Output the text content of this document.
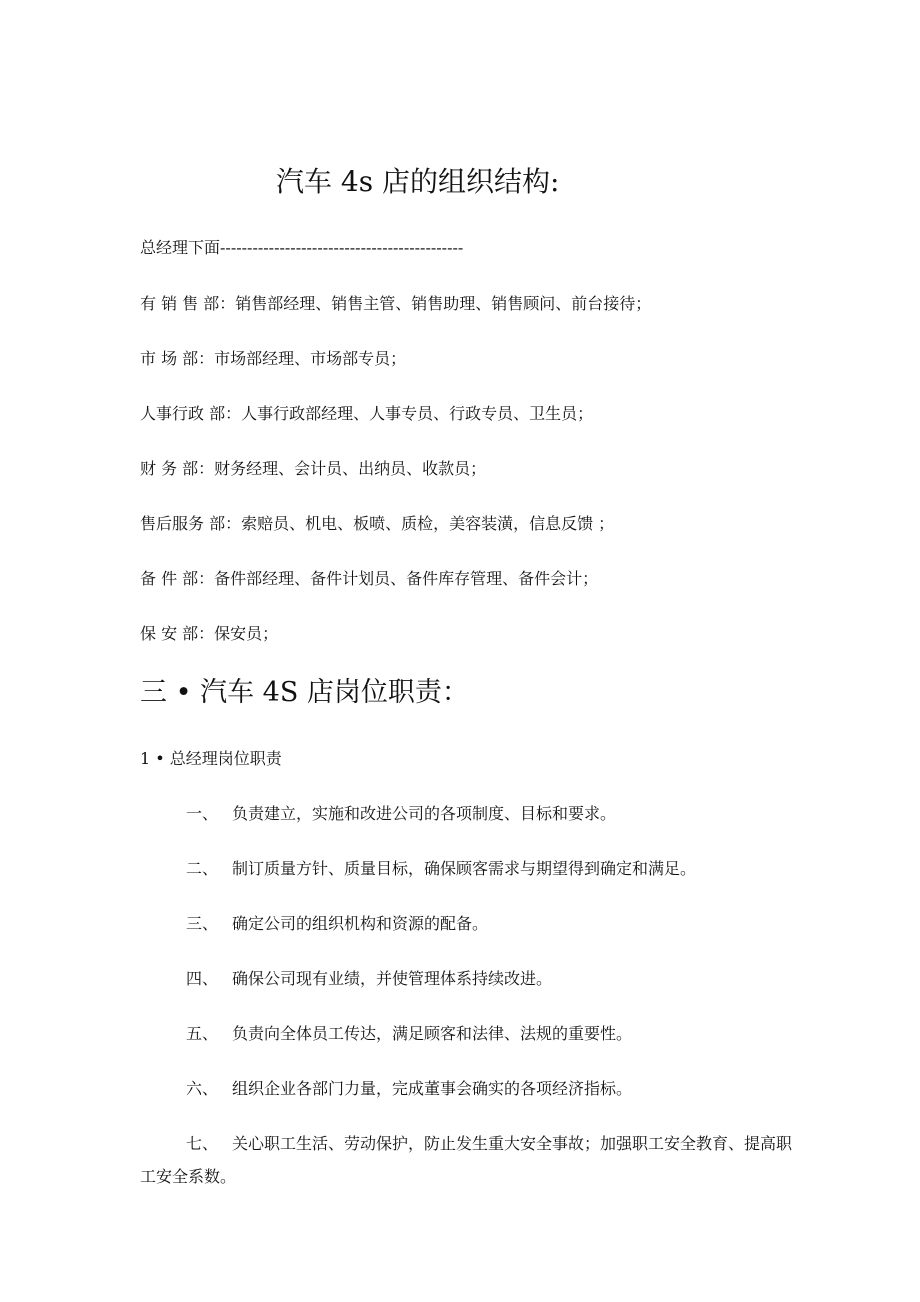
汽车 4s 店的组织结构:
总经理下面---------------------------------------------
有 销 售 部：销售部经理、销售主管、销售助理、销售顾问、前台接待；
市 场 部：市场部经理、市场部专员；
人事行政 部：人事行政部经理、人事专员、行政专员、卫生员；
财 务 部：财务经理、会计员、出纳员、收款员；
售后服务 部：索赔员、机电、板喷、质检，美容装潢，信息反馈 ；
备 件 部：备件部经理、备件计划员、备件库存管理、备件会计；
保 安 部：保安员；
三 • 汽车 4S 店岗位职责：
1 • 总经理岗位职责
一、 负责建立，实施和改进公司的各项制度、目标和要求。
二、 制订质量方针、质量目标，确保顾客需求与期望得到确定和满足。
三、 确定公司的组织机构和资源的配备。
四、 确保公司现有业绩，并使管理体系持续改进。
五、 负责向全体员工传达，满足顾客和法律、法规的重要性。
六、 组织企业各部门力量，完成董事会确实的各项经济指标。
七、 关心职工生活、劳动保护，防止发生重大安全事故；加强职工安全教育、提高职工安全系数。
